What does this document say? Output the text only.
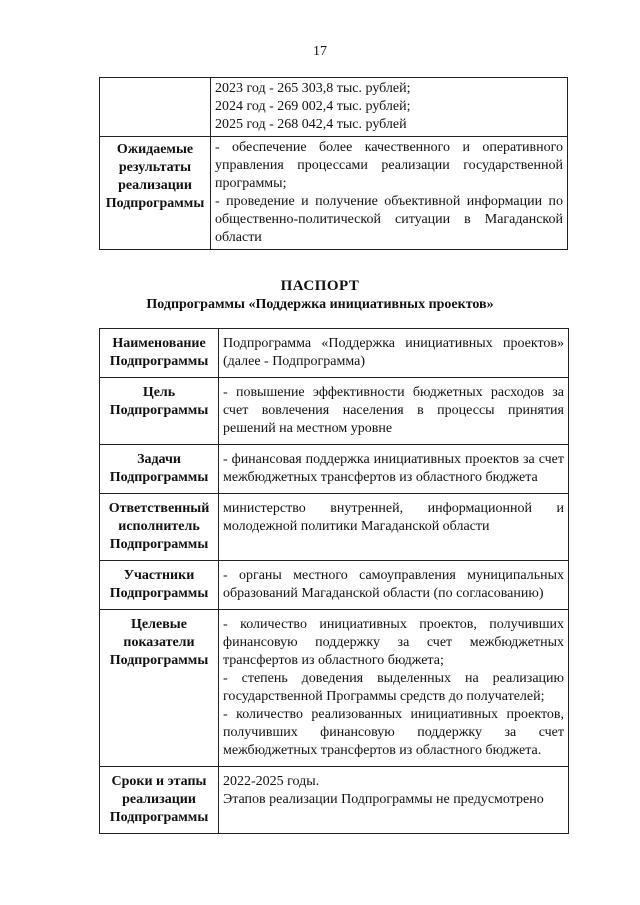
17

	2023 год - 265 303,8 тыс. рублей;
2024 год - 269 002,4 тыс. рублей;
2025 год - 268 042,4 тыс. рублей

Ожидаемые результаты реализации Подпрограммы	- обеспечение более качественного и оперативного управления процессами реализации государственной программы;
- проведение и получение объективной информации по общественно-политической ситуации в Магаданской области
ПАСПОРТ
Подпрограммы «Поддержка инициативных проектов»
Наименование Подпрограммы	Подпрограмма «Поддержка инициативных проектов» (далее - Подпрограмма)

Цель Подпрограммы	- повышение эффективности бюджетных расходов за счет вовлечения населения в процессы принятия решений на местном уровне

Задачи Подпрограммы	- финансовая поддержка инициативных проектов за счет межбюджетных трансфертов из областного бюджета

Ответственный исполнитель Подпрограммы	министерство внутренней, информационной и молодежной политики Магаданской области

Участники Подпрограммы	- органы местного самоуправления муниципальных образований Магаданской области (по согласованию)

Целевые показатели Подпрограммы	- количество инициативных проектов, получивших финансовую поддержку за счет межбюджетных трансфертов из областного бюджета;
- степень доведения выделенных на реализацию государственной Программы средств до получателей;
- количество реализованных инициативных проектов, получивших финансовую поддержку за счет межбюджетных трансфертов из областного бюджета.

Сроки и этапы реализации Подпрограммы	2022-2025 годы.
Этапов реализации Подпрограммы не предусмотрено
